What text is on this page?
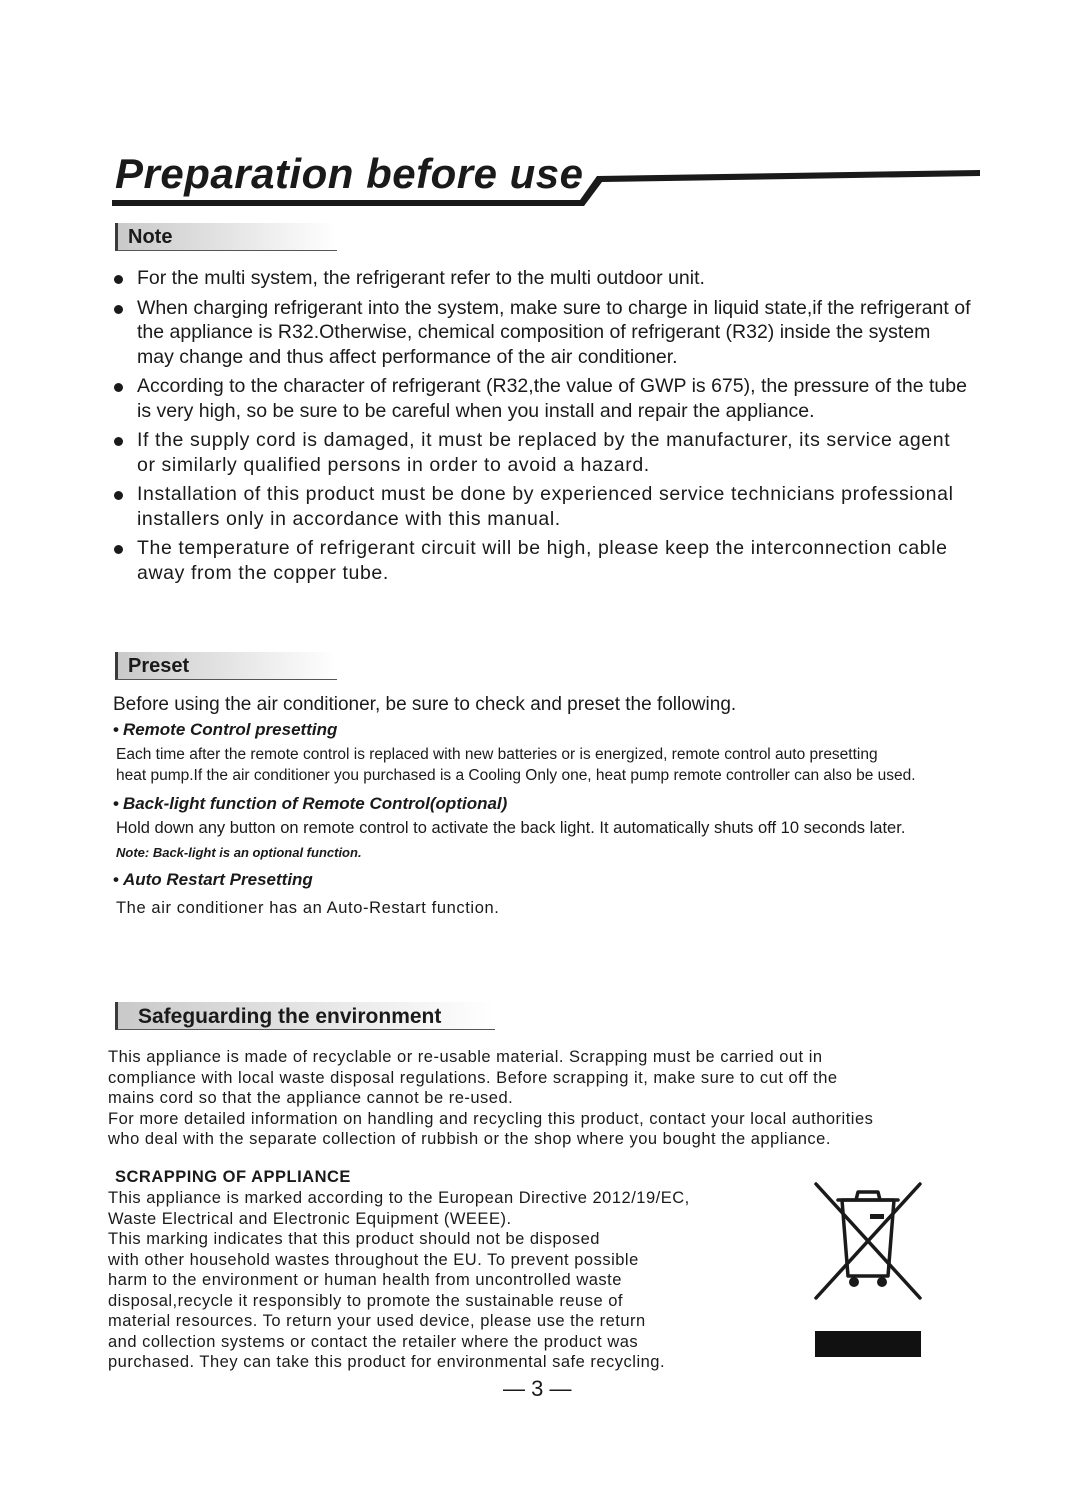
Preparation before use
Note
For the multi system, the refrigerant refer to the multi outdoor unit.
When charging refrigerant into the system, make sure to charge in liquid state,if the refrigerant of the appliance is R32.Otherwise, chemical composition of refrigerant (R32) inside the system may change and thus affect performance of the air conditioner.
According to the character of refrigerant (R32,the value of GWP is 675), the pressure of the tube is very high, so be sure to be careful when you install and repair the appliance.
If the supply cord is damaged, it must be replaced by the manufacturer, its service agent or similarly qualified persons in order to avoid a hazard.
Installation of this product must be done by experienced service technicians professional installers only in accordance with this manual.
The temperature of refrigerant circuit will be high, please keep the interconnection cable away from the copper tube.
Preset

Before using the air conditioner, be sure to check and preset the following.

• Remote Control presetting

Each time after the remote control is replaced with new batteries or is energized, remote control auto presetting

heat pump.If the air conditioner you purchased is a Cooling Only one, heat pump remote controller can also be used.

• Back-light function of Remote Control(optional)

Hold down any button on remote control to activate the back light. It automatically shuts off 10 seconds later.

Note: Back-light is an optional function.

• Auto Restart Presetting

The air conditioner has an Auto-Restart function.

Safeguarding the environment
This appliance is made of recyclable or re-usable material. Scrapping must be carried out in
compliance with local waste disposal regulations. Before scrapping it, make sure to cut off the
mains cord so that the appliance cannot be re-used.
For more detailed information on handling and recycling this product, contact your local authorities
who deal with the separate collection of rubbish or the shop where you bought the appliance.

SCRAPPING OF APPLIANCE

This appliance is marked according to the European Directive 2012/19/EC,
Waste Electrical and Electronic Equipment (WEEE).
This marking indicates that this product should not be disposed
with other household wastes throughout the EU. To prevent possible
harm to the environment or human health from uncontrolled waste
disposal,recycle it responsibly to promote the sustainable reuse of
material resources. To return your used device, please use the return
and collection systems or contact the retailer where the product was
purchased. They can take this product for environmental safe recycling.
— 3 —
